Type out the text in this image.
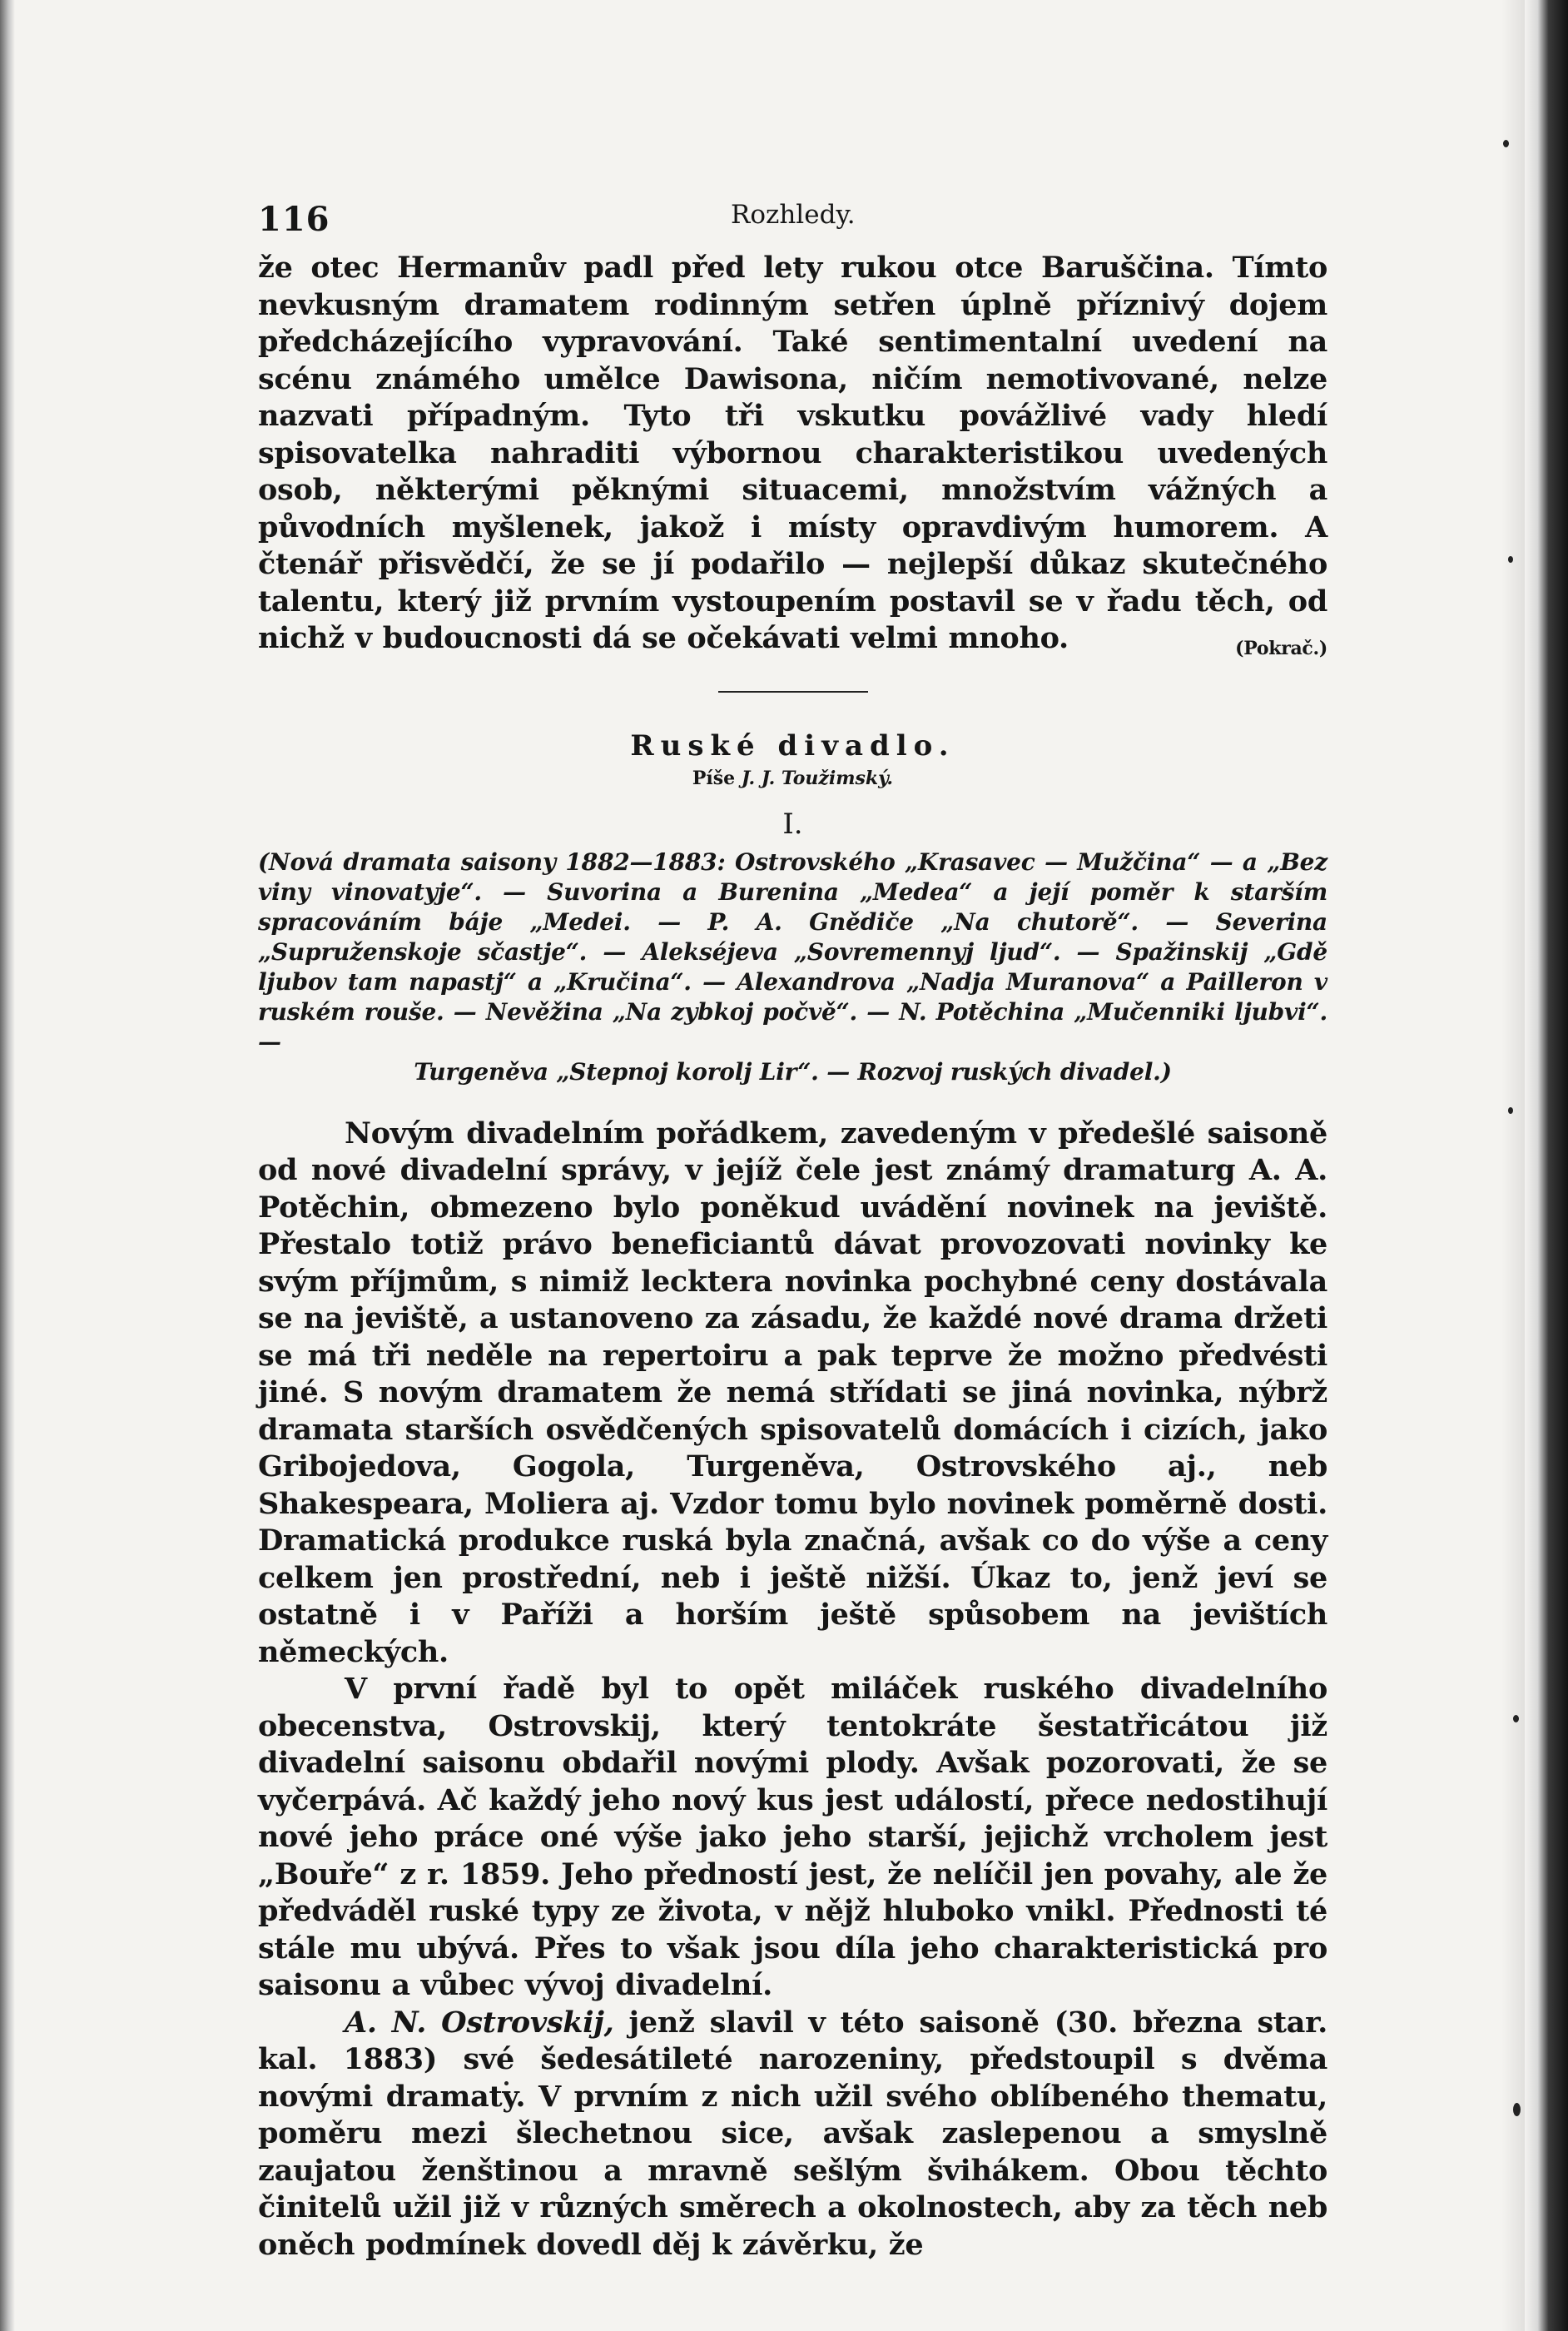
116	Rozhledy.

že otec Hermanův padl před lety rukou otce Baruščina. Tímto nevkusným dramatem rodinným setřen úplně příznivý dojem předcházejícího vypravování. Také sentimentalní uvedení na scénu známého umělce Dawisona, ničím nemotivované, nelze nazvati případným. Tyto tři vskutku povážlivé vady hledí spisovatelka nahraditi výbornou charakteristikou uvedených osob, některými pěknými situacemi, množstvím vážných a původních myšlenek, jakož i místy opravdivým humorem. A čtenář přisvědčí, že se jí podařilo — nejlepší důkaz skutečného talentu, který již prvním vystoupením postavil se v řadu těch, od nichž v budoucnosti dá se očekávati velmi mnoho.	(Pokrač.)

Ruské divadlo.
Píše J. J. Toužimský.
I.
(Nová dramata saisony 1882—1883: Ostrovského „Krasavec — Mužčina“ — a „Bez viny vinovatyje“. — Suvorina a Burenina „Medea“ a její poměr k starším spracováním báje „Medei. — P. A. Gnědiče „Na chutorě“. — Severina „Supruženskoje sčastje“. — Alekséjeva „Sovremennyj ljud“. — Spažinskij „Gdě ljubov tam napastj“ a „Kručina“. — Alexandrova „Nadja Muranova“ a Pailleron v ruském rouše. — Nevěžina „Na zybkoj počvě“. — N. Potěchina „Mučenniki ljubvi“. —
Turgeněva „Stepnoj korolj Lir“. — Rozvoj ruských divadel.)

Novým divadelním pořádkem, zavedeným v předešlé saisoně od nové divadelní správy, v jejíž čele jest známý dramaturg A. A. Potěchin, obmezeno bylo poněkud uvádění novinek na jeviště. Přestalo totiž právo beneficiantů dávat provozovati novinky ke svým příjmům, s nimiž lecktera novinka pochybné ceny dostávala se na jeviště, a ustanoveno za zásadu, že každé nové drama držeti se má tři neděle na repertoiru a pak teprve že možno předvésti jiné. S novým dramatem že nemá střídati se jiná novinka, nýbrž dramata starších osvědčených spisovatelů domácích i cizích, jako Gribojedova, Gogola, Turgeněva, Ostrovského aj., neb Shakespeara, Moliera aj. Vzdor tomu bylo novinek poměrně dosti. Dramatická produkce ruská byla značná, avšak co do výše a ceny celkem jen prostřední, neb i ještě nižší. Úkaz to, jenž jeví se ostatně i v Paříži a horším ještě spůsobem na jevištích německých.

V první řadě byl to opět miláček ruského divadelního obecenstva, Ostrovskij, který tentokráte šestatřicátou již divadelní saisonu obdařil novými plody. Avšak pozorovati, že se vyčerpává. Ač každý jeho nový kus jest událostí, přece nedostihují nové jeho práce oné výše jako jeho starší, jejichž vrcholem jest „Bouře“ z r. 1859. Jeho předností jest, že nelíčil jen povahy, ale že předváděl ruské typy ze života, v nějž hluboko vnikl. Přednosti té stále mu ubývá. Přes to však jsou díla jeho charakteristická pro saisonu a vůbec vývoj divadelní.

A. N. Ostrovskij, jenž slavil v této saisoně (30. března star. kal. 1883) své šedesátileté narozeniny, předstoupil s dvěma novými dramaty. V prvním z nich užil svého oblíbeného thematu, poměru mezi šlechetnou sice, avšak zaslepenou a smyslně zaujatou ženštinou a mravně sešlým švihákem. Obou těchto činitelů užil již v různých směrech a okolnostech, aby za těch neb oněch podmínek dovedl děj k závěrku, že
